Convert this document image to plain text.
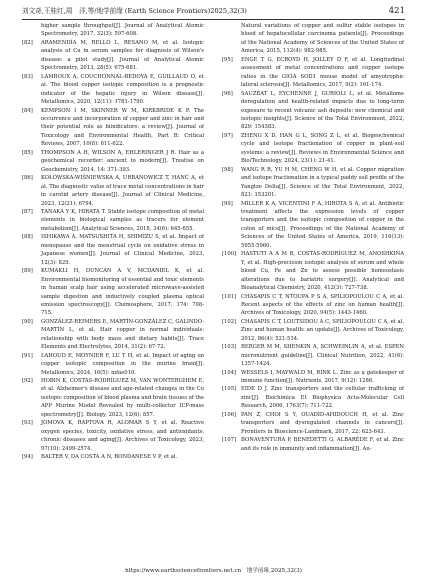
刘文奇,王桂红,周　洋,等/地学前缘 (Earth Science Frontiers)2025,32(3)	421
higher sample throughput[J]. Journal of Analytical Atomic Spectrometry, 2017, 32(3): 597-608.
[82] ARAMENDÍA M, RELLO L, RESANO M, et al. Isotopic analysis of Cu in serum samples for diagnosis of Wilson's disease: a pilot study[J]. Journal of Analytical Atomic Spectrometry, 2013, 28(5): 675-681.
[83] LAMBOUX A, COUCHONNAL-BEDOYA E, GUILLAUD O, et al. The blood copper isotopic composition is a prognostic indicator of the hepatic injury in Wilson disease[J]. Metallomics, 2020, 12(11): 1781-1790.
[84] KEMPSON I M, SKINNER W M, KIRKBRIDE K P. The occurrence and incorporation of copper and zinc in hair and their potential role as biindicators: a review[J]. Journal of Toxicology and Environmental Health, Part B: Critical Reviews, 2007, 10(8): 611-622.
[85] THOMPSON A H, WILSON A, EHLERINGER J R. Hair as a geochemical recorder: ancient to modern[J]. Treatise on Geochemistry, 2014, 14: 371-393.
[86] KOŁOWSKA-WIŚNIEWSKA A, URBANOWICZ T, HANĆ A, et al. The diagnostic value of trace metal concentrations in hair in carotid artery disease[J]. Journal of Clinical Medicine, 2023, 12(21): 6794.
[87] TANAKA Y K, HIRATA T. Stable isotope composition of metal elements in biological samples as tracers for element metabolism[J]. Analytical Sciences, 2018, 34(6): 645-655.
[88] ISHIKAWA A, MATSUSHITA H, SHIMIZU S, et al. Impact of menopause and the menstrual cycle on oxidative stress in Japanese women[J]. Journal of Clinical Medicine, 2023, 12(3): 829.
[89] KUMAKLI H, DUNCAN A V, MCDANIEL K, et al. Environmental biomonitoring of essential and toxic elements in human scalp hair using accelerated microwave-assisted sample digestion and inductively coupled plasma optical emission spectroscopy[J]. Chemosphere, 2017, 174: 708-715.
[90] GONZÁLEZ-REIMERS E, MARTÍN-GONZÁLEZ C, GALINDO-MARTÍN L, et al. Hair copper in normal individuals: relationship with body mass and dietary habits[J]. Trace Elements and Electrolytes, 2014, 31(2): 67-72.
[91] LAHOUD E, MOYNIER F, LU T H, et al. Impact of aging on copper isotopic composition in the murine brain[J]. Metallomics, 2024, 16(5): mfae010.
[92] HOBIN K, COSTAS-RODRÍGUEZ M, VAN WONTERGHEM E, et al. Alzheimer's disease and age-related changes in the Cu isotopic composition of blood plasma and brain tissues of the APP Murine Model Revealed by multi-collector ICP-mass spectrometry[J]. Biology, 2023, 12(6): 857.
[93] JOMOVA K, RAPTOVA R, ALOMAR S Y, et al. Reactive oxygen species, toxicity, oxidative stress, and antioxidants: chronic diseases and aging[J]. Archives of Toxicology, 2023, 97(10): 2499-2574.
[94] BALTER V, DA COSTA A N, BONDANESE V P, et al.
Natural variations of copper and sulfur stable isotopes in blood of hepatocellular carcinoma patients[J]. Proceedings of the National Academy of Sciences of the United States of America, 2015, 112(4): 982-985.
[95] ENGE T G, ECROYD H, JOLLEY D F, et al. Longitudinal assessment of metal concentrations and copper isotope ratios in the G93A SOD1 mouse model of amyotrophic lateral sclerosis[J]. Metallomics, 2017, 9(2): 161-174.
[96] SAUZÉAT L, EYCHENNE J, GURIOLI L, et al. Metallome deregulation and health-related impacts due to long-term exposure to recent volcanic ash deposits: new chemical and isotopic insights[J]. Science of the Total Environment, 2022, 829: 154383.
[97] ZHENG X D, HAN G L, SONG Z L, et al. Biogeochemical cycle and isotope fractionation of copper in plant-soil systems: a review[J]. Reviews in Environmental Science and Bio/Technology, 2024, 23(1): 21-41.
[98] WANG R R, YU H M, CHENG W H, et al. Copper migration and isotope fractionation in a typical paddy soil profile of the Yangtze Delta[J]. Science of the Total Environment, 2022, 821: 153201.
[99] MILLER K A, VICENTINI F A, HIROTA S A, et al. Antibiotic treatment affects the expression levels of copper transporters and the isotopic composition of copper in the colon of mice[J]. Proceedings of the National Academy of Sciences of the United States of America, 2019, 116(13): 5955-5960.
[100] HASTUTI A A M B, COSTAS-RODRÍGUEZ M, ANOSHKINA Y, et al. High-precision isotopic analysis of serum and whole blood Cu, Fe and Zn to assess possible homeostasis alterations due to bariatric surgery[J]. Analytical and Bioanalytical Chemistry, 2020, 412(3): 727-738.
[101] CHASAPIS C T, NTOUPA P S A, SPILIOPOULOU C A, et al. Recent aspects of the effects of zinc on human health[J]. Archives of Toxicology, 2020, 94(5): 1443-1460.
[102] CHASAPIS C T, LOUTSIDOU A C, SPILIOPOULOU C A, et al. Zinc and human health: an update[J]. Archives of Toxicology, 2012, 86(4): 521-534.
[103] BERGER M M, SHENKIN A, SCHWEINLIN A, et al. ESPEN micronutrient guideline[J]. Clinical Nutrition, 2022, 41(6): 1357-1424.
[104] WESSELS I, MAYWALD M, RINK L. Zinc as a gatekeeper of immune function[J]. Nutrients, 2017, 9(12): 1286.
[105] EIDE D J. Zinc transporters and the cellular trafficking of zinc[J]. Biochimica Et Biophysica Acta-Molecular Cell Research, 2006, 1763(7): 711-722.
[106] PAN Z, CHOI S Y, OUADID-AHIDOUCH H, et al. Zinc transporters and dysregulated channels in cancers[J]. Frontiers in Bioscience-Landmark, 2017, 22: 623-643.
[107] BONAVENTURA P, BENEDETTI G, ALBARÈDE F, et al. Zinc and its role in immunity and inflammation[J]. Au-
https://www.earthsciencefrontiers.net.cn　地学前缘,2025,32(3)
